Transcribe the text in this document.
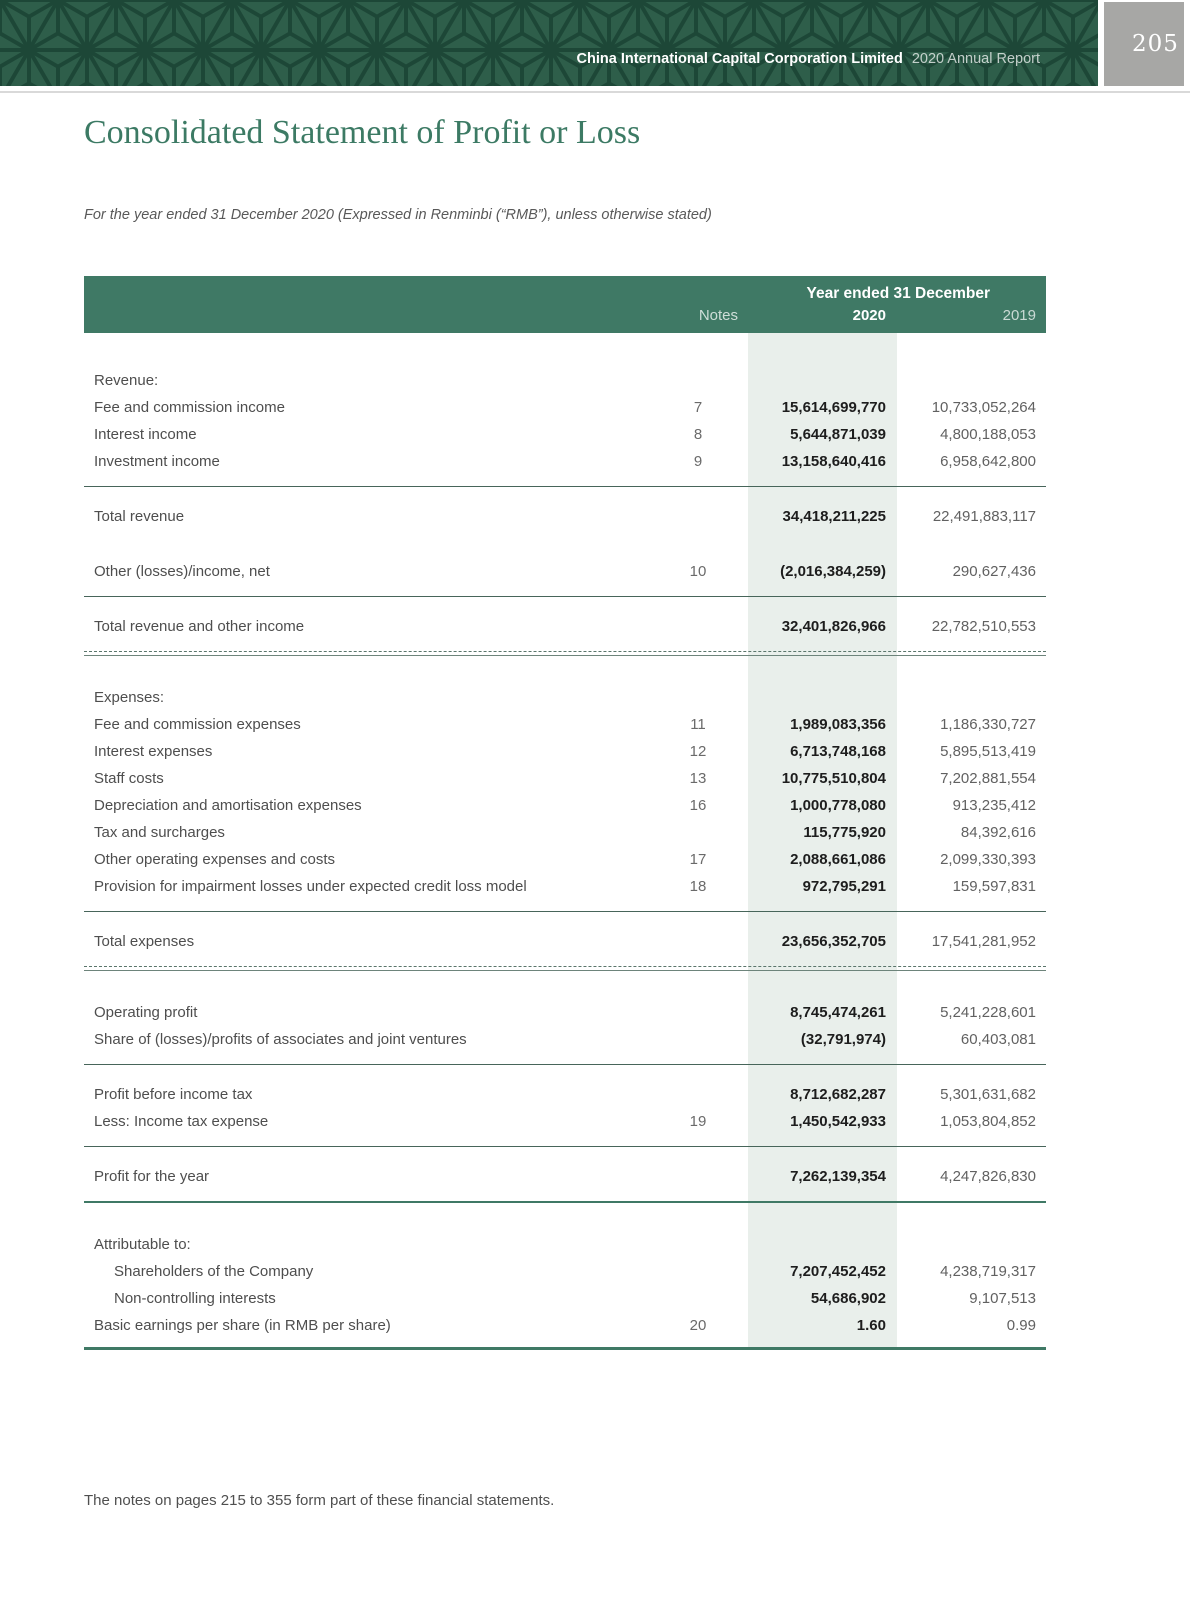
China International Capital Corporation Limited 2020 Annual Report
205
Consolidated Statement of Profit or Loss

For the year ended 31 December 2020 (Expressed in Renminbi (“RMB”), unless otherwise stated)

Year ended 31 December
Notes	2020	2019
Revenue:
Fee and commission income	7	15,614,699,770	10,733,052,264
Interest income	8	5,644,871,039	4,800,188,053
Investment income	9	13,158,640,416	6,958,642,800
Total revenue	34,418,211,225	22,491,883,117
Other (losses)/income, net	10	(2,016,384,259)	290,627,436
Total revenue and other income	32,401,826,966	22,782,510,553
Expenses:
Fee and commission expenses	11	1,989,083,356	1,186,330,727
Interest expenses	12	6,713,748,168	5,895,513,419
Staff costs	13	10,775,510,804	7,202,881,554
Depreciation and amortisation expenses	16	1,000,778,080	913,235,412
Tax and surcharges	115,775,920	84,392,616
Other operating expenses and costs	17	2,088,661,086	2,099,330,393
Provision for impairment losses under expected credit loss model	18	972,795,291	159,597,831
Total expenses	23,656,352,705	17,541,281,952
Operating profit	8,745,474,261	5,241,228,601
Share of (losses)/profits of associates and joint ventures	(32,791,974)	60,403,081
Profit before income tax	8,712,682,287	5,301,631,682
Less: Income tax expense	19	1,450,542,933	1,053,804,852
Profit for the year	7,262,139,354	4,247,826,830
Attributable to:
Shareholders of the Company	7,207,452,452	4,238,719,317
Non-controlling interests	54,686,902	9,107,513
Basic earnings per share (in RMB per share)	20	1.60	0.99

The notes on pages 215 to 355 form part of these financial statements.
